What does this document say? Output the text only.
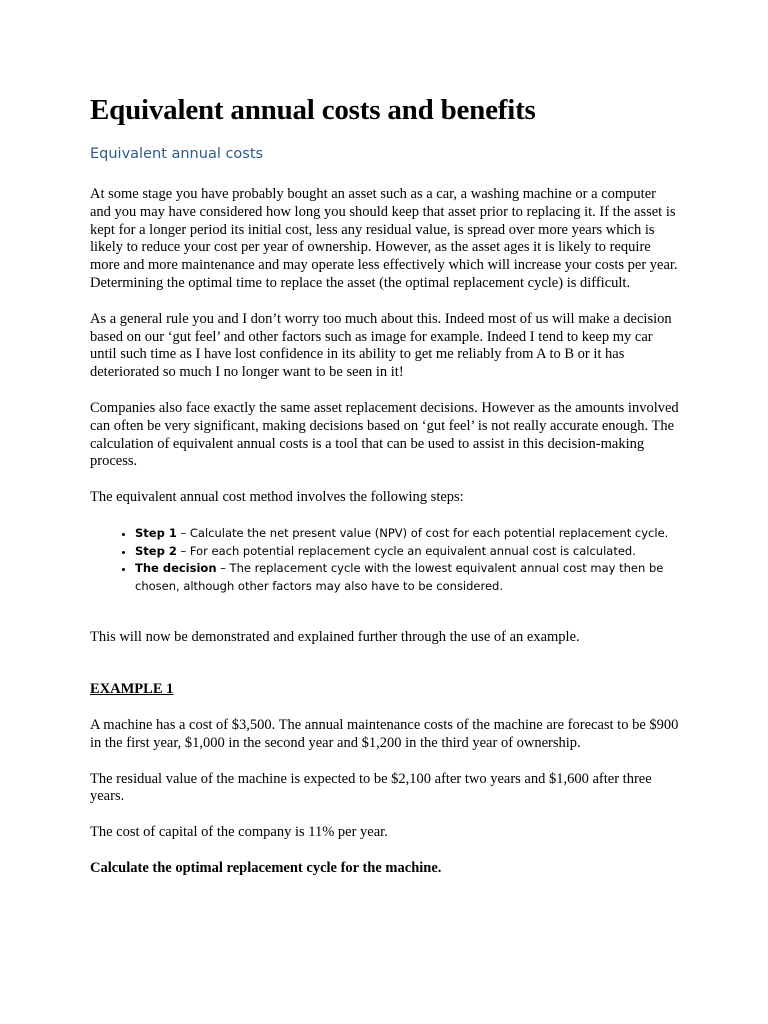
Equivalent annual costs and benefits
Equivalent annual costs

At some stage you have probably bought an asset such as a car, a washing machine or a computer and you may have considered how long you should keep that asset prior to replacing it. If the asset is kept for a longer period its initial cost, less any residual value, is spread over more years which is likely to reduce your cost per year of ownership. However, as the asset ages it is likely to require more and more maintenance and may operate less effectively which will increase your costs per year. Determining the optimal time to replace the asset (the optimal replacement cycle) is difficult.

As a general rule you and I don’t worry too much about this. Indeed most of us will make a decision based on our ‘gut feel’ and other factors such as image for example. Indeed I tend to keep my car until such time as I have lost confidence in its ability to get me reliably from A to B or it has deteriorated so much I no longer want to be seen in it!

Companies also face exactly the same asset replacement decisions. However as the amounts involved can often be very significant, making decisions based on ‘gut feel’ is not really accurate enough. The calculation of equivalent annual costs is a tool that can be used to assist in this decision-making process.

The equivalent annual cost method involves the following steps:

• Step 1 – Calculate the net present value (NPV) of cost for each potential replacement cycle.
• Step 2 – For each potential replacement cycle an equivalent annual cost is calculated.
• The decision – The replacement cycle with the lowest equivalent annual cost may then be chosen, although other factors may also have to be considered.

This will now be demonstrated and explained further through the use of an example.

EXAMPLE 1

A machine has a cost of $3,500. The annual maintenance costs of the machine are forecast to be $900 in the first year, $1,000 in the second year and $1,200 in the third year of ownership.

The residual value of the machine is expected to be $2,100 after two years and $1,600 after three years.

The cost of capital of the company is 11% per year.

Calculate the optimal replacement cycle for the machine.
